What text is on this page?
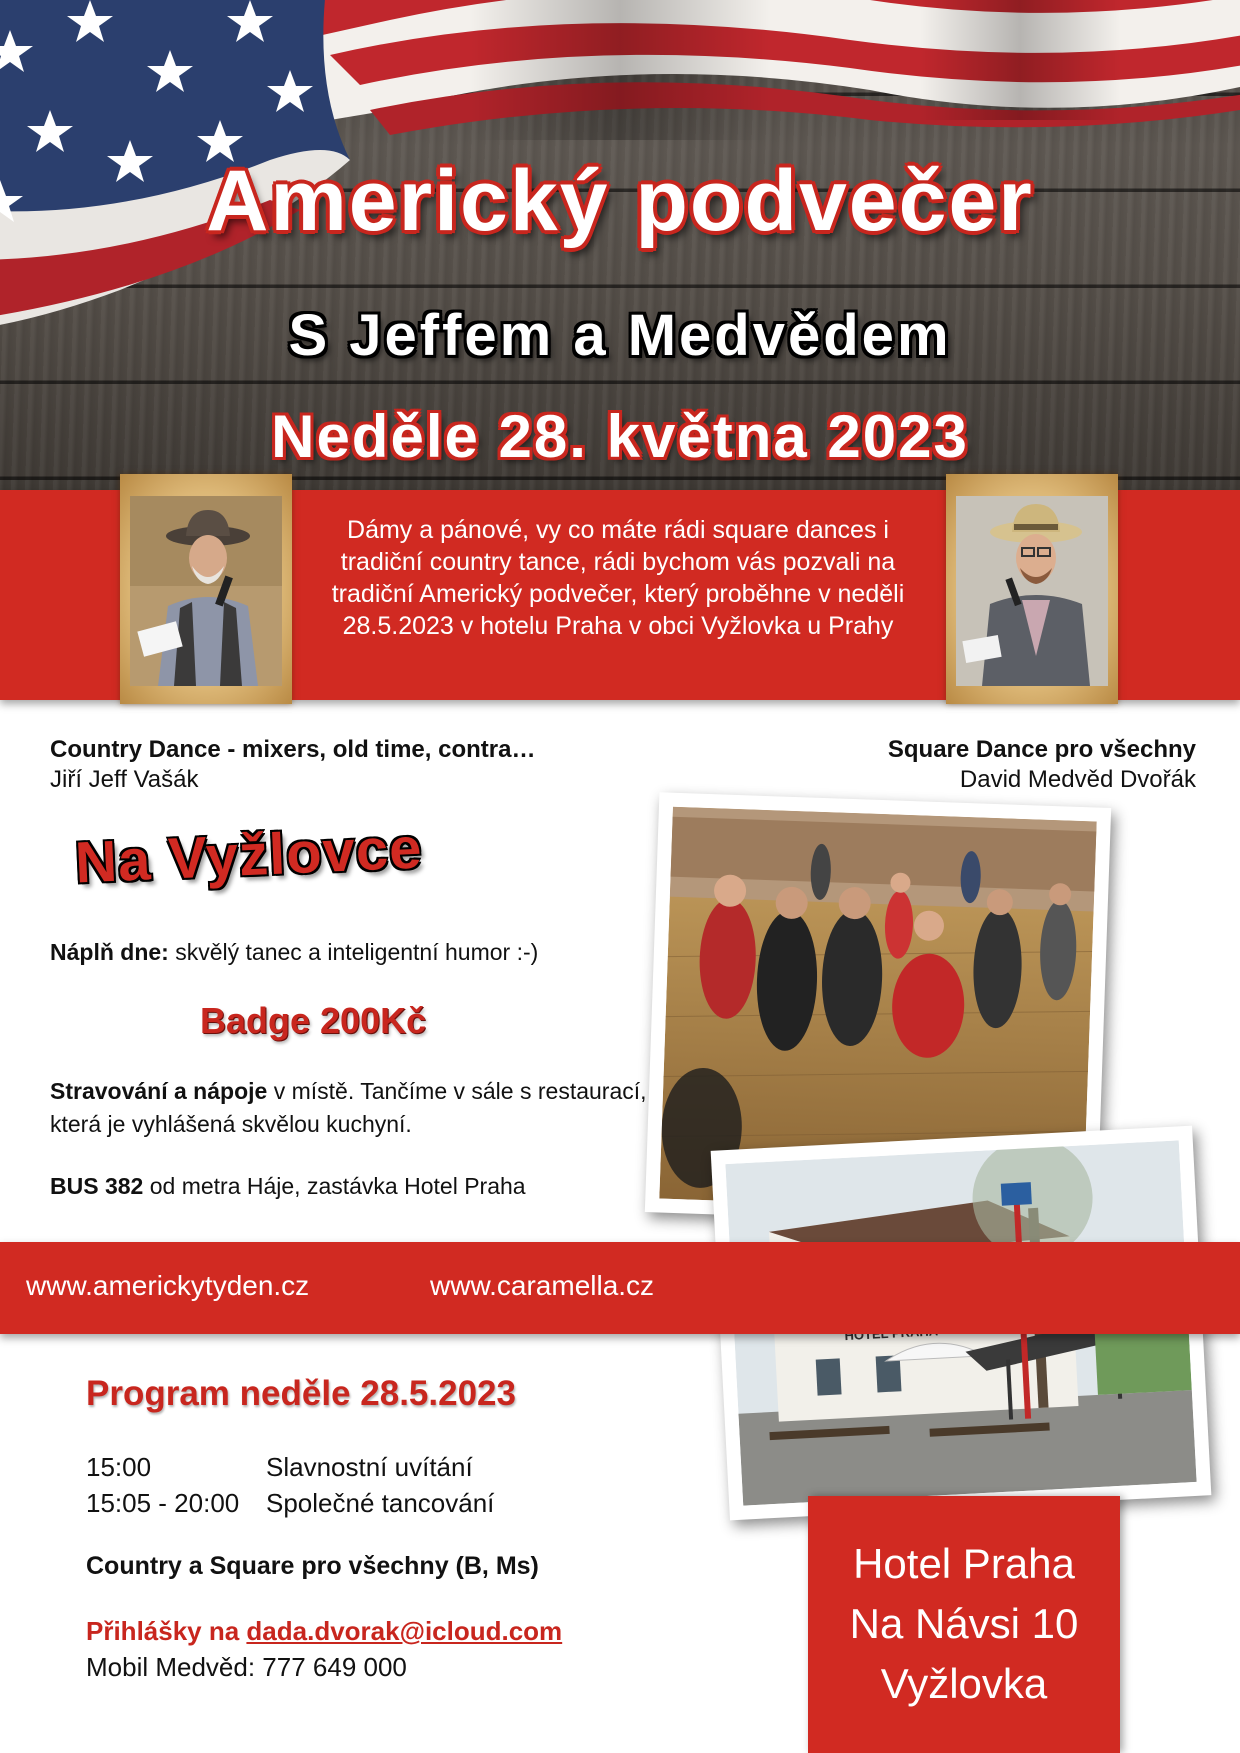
Americký podvečer
S Jeffem a Medvědem
Neděle 28. května 2023
Dámy a pánové, vy co máte rádi square dances i tradiční country tance, rádi bychom vás pozvali na tradiční Americký podvečer, který proběhne v neděli 28.5.2023 v hotelu Praha v obci Vyžlovka u Prahy
Country Dance - mixers, old time, contra…
Jiří Jeff Vašák
Square Dance pro všechny
David Medvěd Dvořák
Na Vyžlovce
Náplň dne: skvělý tanec a inteligentní humor :-)
Badge 200Kč
Stravování a nápoje v místě. Tančíme v sále s restaurací, která je vyhlášená skvělou kuchyní.
BUS 382 od metra Háje, zastávka Hotel Praha
www.americkytyden.cz	www.caramella.cz
Program neděle 28.5.2023
15:00	Slavnostní uvítání
15:05 - 20:00 Společné tancování
Country a Square pro všechny (B, Ms)
Přihlášky na dada.dvorak@icloud.com
Mobil Medvěd: 777 649 000
Hotel Praha
Na Návsi 10
Vyžlovka
